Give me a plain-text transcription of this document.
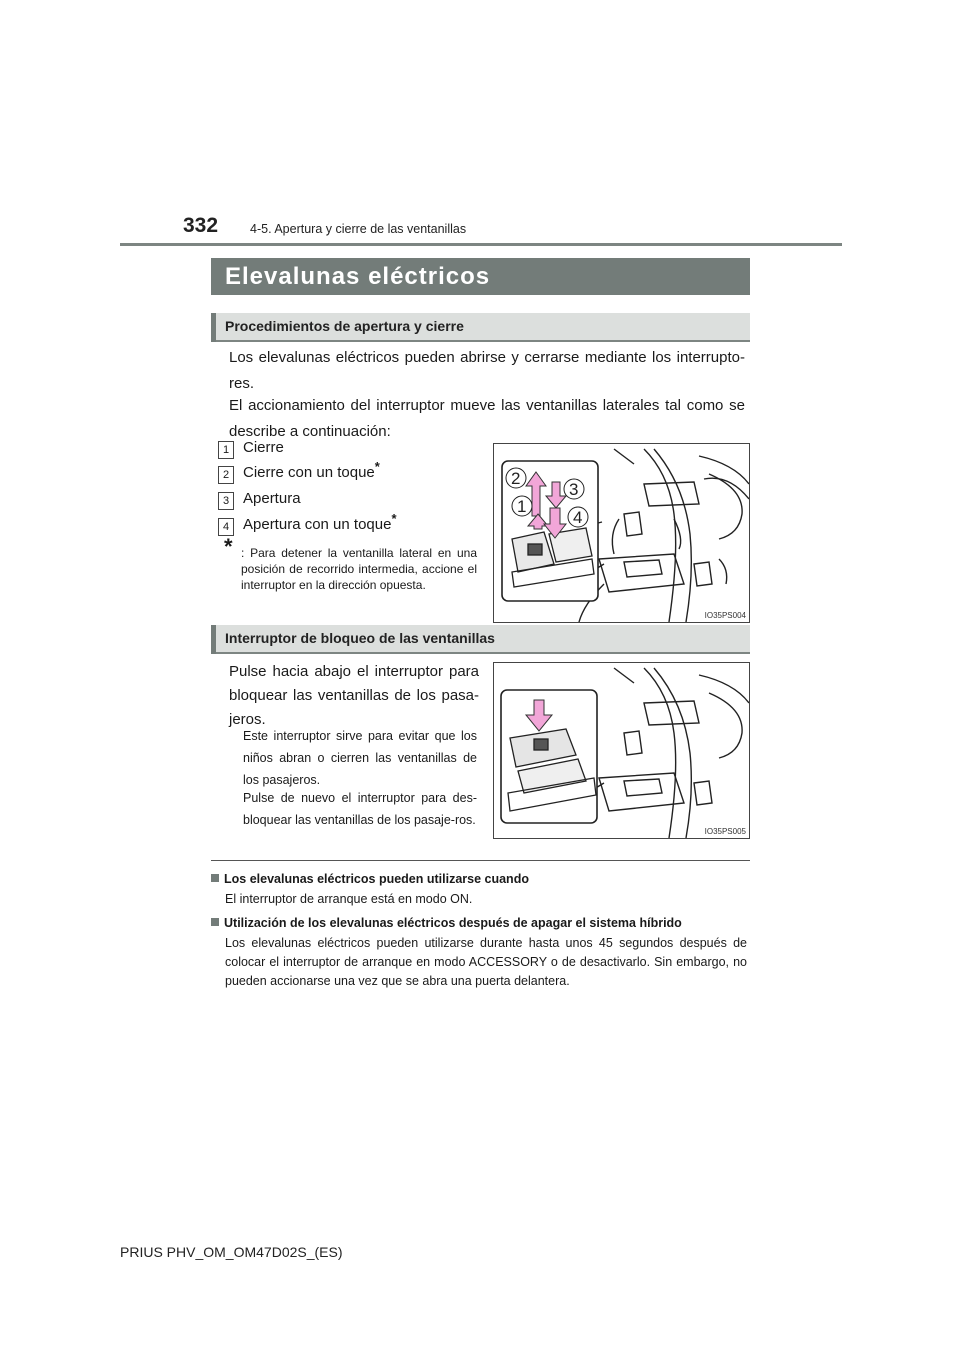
332	4-5. Apertura y cierre de las ventanillas
Elevalunas eléctricos
Procedimientos de apertura y cierre
Los elevalunas eléctricos pueden abrirse y cerrarse mediante los interrupto-res.
El accionamiento del interruptor mueve las ventanillas laterales tal como se describe a continuación:
1 Cierre
2 Cierre con un toque*
3 Apertura
4 Apertura con un toque*
* : Para detener la ventanilla lateral en una posición de recorrido intermedia, accione el interruptor en la dirección opuesta.
2
3
1
4
IO35PS004
Interruptor de bloqueo de las ventanillas
Pulse hacia abajo el interruptor para bloquear las ventanillas de los pasa-jeros.
Este interruptor sirve para evitar que los niños abran o cierren las ventanillas de los pasajeros.
Pulse de nuevo el interruptor para des-bloquear las ventanillas de los pasaje-ros.
IO35PS005
Los elevalunas eléctricos pueden utilizarse cuando
El interruptor de arranque está en modo ON.
Utilización de los elevalunas eléctricos después de apagar el sistema híbrido
Los elevalunas eléctricos pueden utilizarse durante hasta unos 45 segundos después de colocar el interruptor de arranque en modo ACCESSORY o de desactivarlo. Sin embargo, no pueden accionarse una vez que se abra una puerta delantera.
PRIUS PHV_OM_OM47D02S_(ES)
